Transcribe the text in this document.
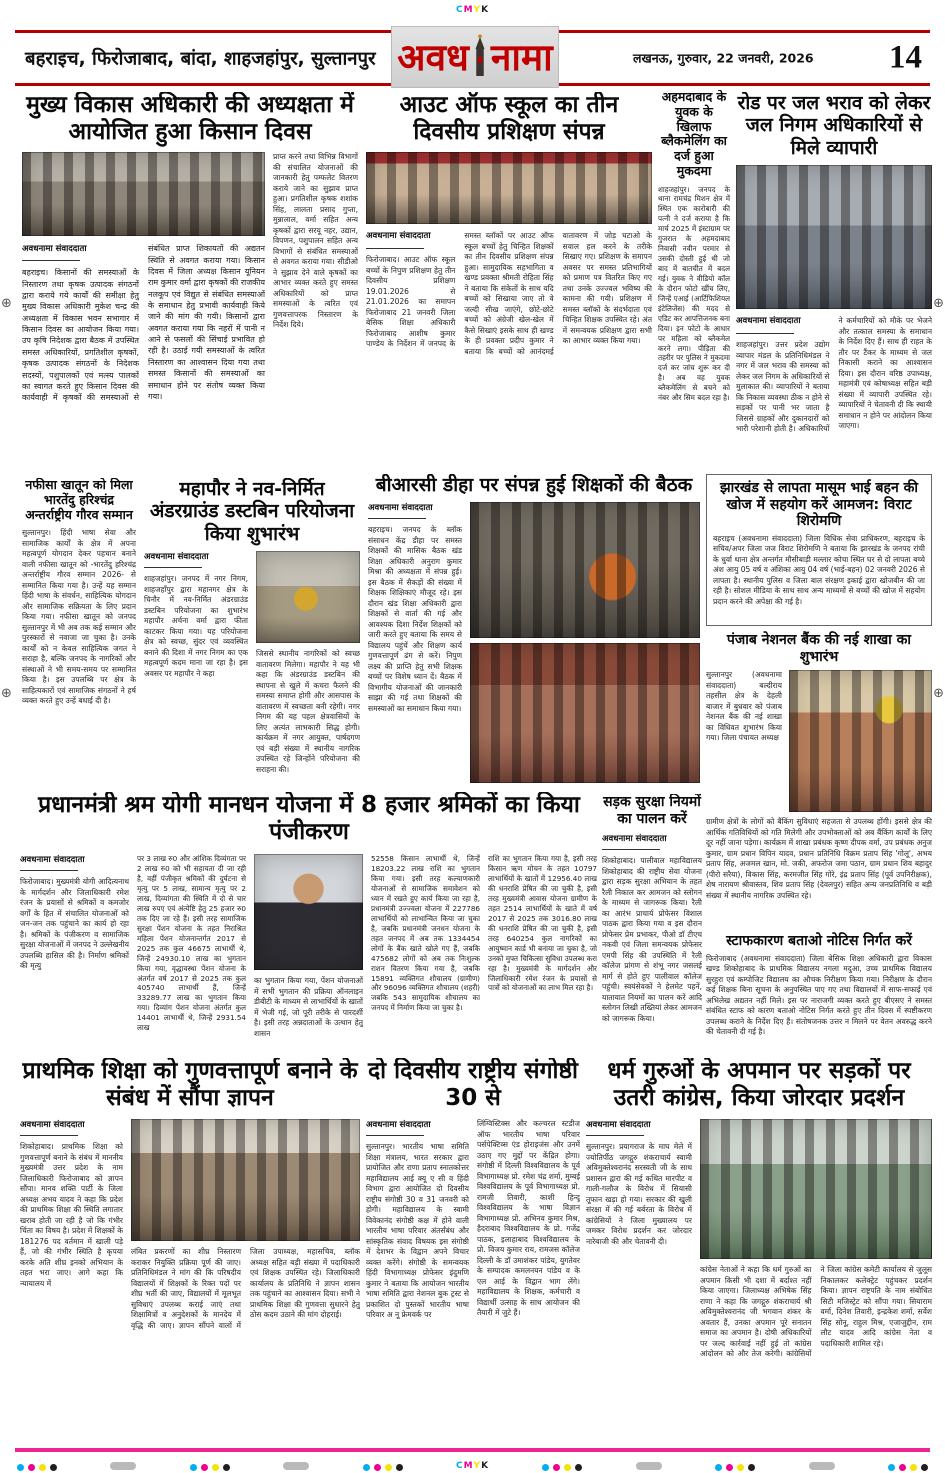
CMYK
बहराइच, फिरोजाबाद, बांदा, शाहजहांपुर, सुल्तानपुर अवध नामा	लखनऊ, गुरुवार, 22 जनवरी, 2026 14
⊕
⊕
⊕
⊕
मुख्य विकास अधिकारी की अध्यक्षता में आयोजित हुआ किसान दिवस
अवधनामा संवाददाता
बहराइच। किसानों की समस्याओं के निस्तारण तथा कृषक उत्पादक संगठनों द्वारा कराये गये कार्यों की समीक्षा हेतु मुख्य विकास अधिकारी मुकेश चन्द्र की अध्यक्षता में विकास भवन सभागार में किसान दिवस का आयोजन किया गया। उप कृषि निदेशक द्वारा बैठक में उपस्थित समस्त अधिकारियों, प्रगतिशील कृषकों, कृषक उत्पादक संगठनों के निदेशक सदस्यों, पशुपालकों एवं मत्स्य पालकों का स्वागत करते हुए किसान दिवस की कार्यवाही में कृषकों की समस्याओं से संबंधित प्राप्त शिकायतों की अद्यतन स्थिति से अवगत कराया गया। किसान दिवस में जिला अध्यक्ष किसान यूनियन राम कुमार वर्मा द्वारा कृषकों की राजकीय नलकूप एवं विद्युत से संबंधित समस्याओं के समाधान हेतु प्रभावी कार्यवाही किये जाने की मांग की गयी। किसानों द्वारा अवगत कराया गया कि नहरों में पानी न आने से फसलों की सिंचाई प्रभावित हो रही है। उठाई गयी समस्याओं के त्वरित निस्तारण का आश्वासन दिया गया तथा समस्त किसानों की समस्याओं का समाधान होने पर संतोष व्यक्त किया गया।
प्राप्त करने तथा विभिन्न विभागों की संचालित योजनाओं की जानकारी हेतु पम्फलेट वितरण कराये जाने का सुझाव प्राप्त हुआ। प्रगतिशील कृषक शशांक सिंह, लालता प्रसाद गुप्ता, मुन्नालाल, वर्मा सहित अन्य कृषकों द्वारा सरयू नहर, उद्यान, विपणन, पशुपालन सहित अन्य विभागों से संबंधित समस्याओं से अवगत कराया गया। सीडीओ ने सुझाव देने वाले कृषकों का आभार व्यक्त करते हुए समस्त अधिकारियों को प्राप्त समस्याओं के त्वरित एवं गुणवत्तापरक निस्तारण के निर्देश दिये।
आउट ऑफ स्कूल का तीन दिवसीय प्रशिक्षण संपन्न
अवधनामा संवाददाता
फिरोजाबाद। आउट ऑफ स्कूल बच्चों के निपुण प्रशिक्षण हेतु तीन दिवसीय प्रशिक्षण 19.01.2026 से 21.01.2026 का समापन फिरोजाबाद 21 जनवरी जिला बेसिक शिक्षा अधिकारी फिरोजाबाद आशीष कुमार पाण्डेय के निर्देशन में जनपद के समस्त ब्लॉकों पर आउट ऑफ स्कूल बच्चों हेतु चिन्हित शिक्षकों का तीन दिवसीय प्रशिक्षण संपन्न हुआ। सामुदायिक सहभागिता व खण्ड प्रवक्ता श्रीमती रोहिता सिंह ने बताया कि संकेतों के साथ यदि बच्चों को सिखाया जाए तो वे जल्दी सीख जाएंगे, छोटे-छोटे बच्चों को अंग्रेजी खेल-खेल में कैसे सिखाएं इसके साथ ही खण्ड के ही प्रवक्ता प्रदीप कुमार ने बताया कि बच्चों को आनंदमई वातावरण में जोड़ घटाओ के सवाल हल करने के तरीके सिखाए गए। प्रशिक्षण के समापन अवसर पर समस्त प्रतिभागियों को प्रमाण पत्र वितरित किए गए तथा उनके उज्ज्वल भविष्य की कामना की गयी। प्रशिक्षण में समस्त ब्लॉकों के संदर्भदाता एवं चिन्हित शिक्षक उपस्थित रहे। अंत में समन्वयक प्रशिक्षण द्वारा सभी का आभार व्यक्त किया गया।
अहमदाबाद के युवक के खिलाफ ब्लैकमेलिंग का दर्ज हुआ मुकदमा
शाहजहांपुर। जनपद के थाना रामचंद्र मिशन क्षेत्र में स्थित एक कारोबारी की पत्नी ने दर्ज कराया है कि मार्च 2025 में इंस्टाग्राम पर गुजरात के अहमदाबाद निवासी नवीन परमार से उसकी दोस्ती हुई थी जो बाद में बातचीत में बदल गई। युवक ने वीडियो कॉल के दौरान फोटो खींच लिए, जिन्हें एआई (आर्टिफिशियल इंटेलिजेंस) की मदद से एडिट कर आपत्तिजनक बना दिया। इन फोटो के आधार पर महिला को ब्लैकमेल करने लगा। पीड़िता की तहरीर पर पुलिस ने मुकदमा दर्ज कर जांच शुरू कर दी है। अब वह युवक ब्लैकमेलिंग से बचने को नंबर और सिम बदल रहा है।
रोड पर जल भराव को लेकर जल निगम अधिकारियों से मिले व्यापारी
अवधनामा संवाददाता
शाहजहांपुर। उत्तर प्रदेश उद्योग व्यापार मंडल के प्रतिनिधिमंडल ने नगर में जल भराव की समस्या को लेकर जल निगम के अधिकारियों से मुलाकात की। व्यापारियों ने बताया कि निकास व्यवस्था ठीक न होने से सड़कों पर पानी भर जाता है जिससे ग्राहकों और दुकानदारों को भारी परेशानी होती है। अधिकारियों ने कर्मचारियों को मौके पर भेजने और तत्काल समस्या के समाधान के निर्देश दिए हैं। साथ ही राहत के तौर पर टैंकर के माध्यम से जल निकासी कराने का आश्वासन दिया। इस दौरान वरिष्ठ उपाध्यक्ष, महामंत्री एवं कोषाध्यक्ष सहित बड़ी संख्या में व्यापारी उपस्थित रहे। व्यापारियों ने चेतावनी दी कि स्थायी समाधान न होने पर आंदोलन किया जाएगा।
नफीसा खातून को मिला भारतेंदु हरिश्चंद्र अन्तर्राष्ट्रीय गौरव सम्मान
सुल्तानपुर। हिंदी भाषा सेवा और सामाजिक कार्यों के क्षेत्र में अपना महत्वपूर्ण योगदान देकर पहचान बनाने वाली नफीसा खातून को -भारतेंदु हरिश्चंद्र अन्तर्राष्ट्रीय गौरव सम्मान 2026- से सम्मानित किया गया है। उन्हें यह सम्मान हिंदी भाषा के संवर्धन, साहित्यिक योगदान और सामाजिक सक्रियता के लिए प्रदान किया गया। नफीसा खातून को जनपद सुल्तानपुर में भी अब तक कई सम्मान और पुरस्कारों से नवाजा जा चुका है। उनके कार्यों को न केवल साहित्यिक जगत ने सराहा है, बल्कि जनपद के नागरिकों और संस्थाओं ने भी समय-समय पर सम्मानित किया है। इस उपलब्धि पर क्षेत्र के साहित्यकारों एवं सामाजिक संगठनों ने हर्ष व्यक्त करते हुए उन्हें बधाई दी है।
महापौर ने नव-निर्मित अंडरग्राउंड डस्टबिन परियोजना किया शुभारंभ
अवधनामा संवाददाता
शाहजहांपुर। जनपद में नगर निगम, शाहजहाँपुर द्वारा महानगर क्षेत्र के चिनौर में नव-निर्मित अंडरग्राउंड डस्टबिन परियोजना का शुभारंभ महापौर अर्चना वर्मा द्वारा फीता काटकर किया गया। यह परियोजना क्षेत्र को स्वच्छ, सुंदर एवं व्यवस्थित बनाने की दिशा में नगर निगम का एक महत्वपूर्ण कदम माना जा रहा है। इस अवसर पर महापौर ने कहा
जिससे स्थानीय नागरिकों को स्वच्छ वातावरण मिलेगा। महापौर ने यह भी कहा कि अंडरग्राउंड डस्टबिन की स्थापना से खुले में कचरा फैलने की समस्या समाप्त होगी और आसपास के वातावरण में स्वच्छता बनी रहेगी। नगर निगम की यह पहल क्षेत्रवासियों के लिए अत्यंत लाभकारी सिद्ध होगी। कार्यक्रम में नगर आयुक्त, पार्षदगण एवं बड़ी संख्या में स्थानीय नागरिक उपस्थित रहे जिन्होंने परियोजना की सराहना की।
बीआरसी डीहा पर संपन्न हुई शिक्षकों की बैठक
अवधनामा संवाददाता
बहराइच। जनपद के ब्लॉक संसाधन केंद्र डीहा पर समस्त शिक्षकों की मासिक बैठक खंड शिक्षा अधिकारी अनुराग कुमार मिश्रा की अध्यक्षता में संपन्न हुई। इस बैठक में सैकड़ों की संख्या में शिक्षक शिक्षिकाएं मौजूद रहे। इस दौरान खंड शिक्षा अधिकारी द्वारा शिक्षकों से वार्ता की गई और आवश्यक दिशा निर्देश शिक्षकों को जारी करते हुए बताया कि समय से विद्यालय पहुंचें और शिक्षण कार्य गुणवत्तापूर्ण ढंग से करें। निपुण लक्ष्य की प्राप्ति हेतु सभी शिक्षक बच्चों पर विशेष ध्यान दें। बैठक में विभागीय योजनाओं की जानकारी साझा की गई तथा शिक्षकों की समस्याओं का समाधान किया गया।
झारखंड से लापता मासूम भाई बहन की खोज में सहयोग करें आमजन: विराट शिरोमणि
बहराइच (अवधनामा संवाददाता) जिला विधिक सेवा प्राधिकरण, बहराइच के सचिव/अपर जिला जज विराट शिरोमणि ने बताया कि झारखंड के जनपद रांची के धुर्वा थाना क्षेत्र अन्तर्गत मौसीबाड़ी मल्लार कोचा स्थित घर से दो लापता बच्चे अंश आयु 05 वर्ष व अंशिका आयु 04 वर्ष (भाई-बहन) 02 जनवरी 2026 से लापता है। स्थानीय पुलिस व जिला बाल संरक्षण इकाई द्वारा खोजबीन की जा रही है। सोशल मीडिया के साथ साथ अन्य माध्यमों से बच्चों की खोज में सहयोग प्रदान करने की अपेक्षा की गई है।
पंजाब नेशनल बैंक की नई शाखा का शुभारंभ
सुल्तानपुर (अवधनामा संवाददाता) बल्दीराय तहसील क्षेत्र के देहली बाजार में बुधवार को पंजाब नेशनल बैंक की नई शाखा का विधिवत शुभारंभ किया गया। जिला पंचायत अध्यक्ष
ग्रामीण क्षेत्रों के लोगों को बैंकिंग सुविधाएं सहजता से उपलब्ध होंगी। इससे क्षेत्र की आर्थिक गतिविधियों को गति मिलेगी और उपभोक्ताओं को अब बैंकिंग कार्यों के लिए दूर नहीं जाना पड़ेगा। कार्यक्रम में शाखा प्रबंधक कृष्ण दीपक वर्मा, उप प्रबंधक अनुज कुमार, ग्राम प्रधान विपिन यादव, प्रधान प्रतिनिधि विक्रम प्रताप सिंह 'गोलू', अभय प्रताप सिंह, अजमल खान, मो. जकी, अफरोज जमा पठान, ग्राम प्रधान शिव बहादुर (पीरो सरैया), विकास सिंह, करमजीत सिंह गोरे, इंद्र प्रताप सिंह (पूर्व उपनिरीक्षक), शेष नारायण श्रीवास्तव, शिव प्रताप सिंह (देवलपुर) सहित अन्य जनप्रतिनिधि व बड़ी संख्या में स्थानीय नागरिक उपस्थित रहे।
स्टाफकारण बताओ नोटिस निर्गत करें
फिरोजाबाद (अवधनामा संवाददाता) जिला बेसिक शिक्षा अधिकारी द्वारा विकास खण्ड शिकोहाबाद के प्राथमिक विद्यालय नगला मदुआ, उच्च प्राथमिक विद्यालय सुरहुरा एवं कम्पोजिट विद्यालय का औचक निरीक्षण किया गया। निरीक्षण के दौरान कई शिक्षक बिना सूचना के अनुपस्थित पाए गए तथा विद्यालयों में साफ-सफाई एवं अभिलेख अद्यतन नहीं मिले। इस पर नाराजगी व्यक्त करते हुए बीएसए ने समस्त संबंधित स्टाफ को कारण बताओ नोटिस निर्गत करते हुए तीन दिवस में स्पष्टीकरण उपलब्ध कराने के निर्देश दिए हैं। संतोषजनक उत्तर न मिलने पर वेतन अवरुद्ध करने की चेतावनी दी गई है।
प्रधानमंत्री श्रम योगी मानधन योजना में 8 हजार श्रमिकों का किया पंजीकरण
अवधनामा संवाददाता
फिरोजाबाद। मुख्यमंत्री योगी आदित्यनाथ के मार्गदर्शन और जिलाधिकारी रमेश रंजन के प्रयासों से श्रमिकों व कमजोर वर्गों के हित में संचालित योजनाओं को जन-जन तक पहुंचाने का कार्य हो रहा है। श्रमिकों के पंजीकरण व सामाजिक सुरक्षा योजनाओं में जनपद ने उल्लेखनीय उपलब्धि हासिल की है। निर्माण श्रमिकों की मृत्यु
पर 3 लाख रु0 और आंशिक दिव्यंगता पर 2 लाख रु0 को भी सहायता दी जा रही है, वहीं पंजीकृत श्रमिकों की दुर्घटना से मृत्यु पर 5 लाख, सामान्य मृत्यु पर 2 लाख, दिव्यांगता की स्थिति में दो से चार लाख रुपए एवं अंत्येष्टि हेतु 25 हजार रु0 तक दिए जा रहे हैं। इसी तरह सामाजिक सुरक्षा पेंशन योजना के तहत निराश्रित महिला पेंशन योजनान्तर्गत 2017 से 2025 तक कुल 46675 लाभार्थी थे, जिन्हें 24930.10 लाख का भुगतान किया गया, वृद्धावस्था पेंशन योजना के अंतर्गत वर्ष 2017 से 2025 तक कुल 405740 लाभार्थी हैं, जिन्हें 33289.77 लाख का भुगतान किया गया। दिव्यांग पेंशन योजना अंतर्गत कुल 14401 लाभार्थी थे, जिन्हें 2931.54 लाख
का भुगतान किया गया, पेंशन योजनाओं में सभी भुगतान की प्रक्रिया ऑनलाइन डीबीटी के माध्यम से लाभार्थियों के खातों में भेजी गई, जो पूरी तरीके से पारदर्शी है। इसी तरह अन्नदाताओं के उत्थान हेतु शासन
52558 किसान लाभार्थी थे, जिन्हें 18203.22 लाख राशि का भुगतान किया गया। इसी तरह कल्याणकारी योजनाओं से सामाजिक समावेशन को ध्यान में रखते हुए कार्य किया जा रहा है, प्रधानमंत्री उज्ज्वला योजना में 227786 लाभार्थियों को लाभान्वित किया जा चुका है, जबकि प्रधानमंत्री जनधन योजना के तहत जनपद में अब तक 1334454 लोगों के बैंक खाते खोले गए हैं, जबकि 475682 लोगों को अब तक निःशुल्क राशन वितरण किया गया है, जबकि 15891 व्यक्तिगत शौचालय (ग्रामीण) और 96096 व्यक्तिगत शौचालय (शहरी) जबकि 543 सामुदायिक शौचालय का जनपद में निर्माण किया जा चुका है।
राशि का भुगतान किया गया है, इसी तरह किसान ऋण मोचन के तहत 10797 लाभार्थियों के खातों में 12956.40 लाख की धनराशि प्रेषित की जा चुकी है, इसी तरह मुख्यमंत्री आवास योजना ग्रामीण के तहत 2514 लाभार्थियों के खाते में वर्ष 2017 से 2025 तक 3016.80 लाख की धनराशि प्रेषित की जा चुकी है, इसी तरह 640254 कुल नागरिकों का आयुष्मान कार्ड भी बनाया जा चुका है, जो उनको मुफ्त चिकित्सा सुविधा उपलब्ध करा रहा है। मुख्यमंत्री के मार्गदर्शन और जिलाधिकारी रमेश रंजन के प्रयासों से पात्रों को योजनाओं का लाभ मिल रहा है।
सड़क सुरक्षा नियमों का पालन करें
अवधनामा संवाददाता
शिकोहाबाद। पालीवाल महाविद्यालय शिकोहाबाद की राष्ट्रीय सेवा योजना द्वारा सड़क सुरक्षा अभियान के तहत रैली निकाल कर आमजन को स्लोगन के माध्यम से जागरूक किया। रैली का आरंभ प्राचार्य प्रोफेसर विशाल पाठक द्वारा किया गया व इस दौरान प्रोफेसर प्रेम प्रभाकर, पीओ डॉ टीएच नकवी एवं जिला समन्वयक प्रोफेसर एमपी सिंह की उपस्थिति में रैली कॉलेज प्रांगण से शंभू नगर जसलई मार्ग से होते हुए पालीवाल कॉलेज पहुंची। स्वयंसेवकों ने हेलमेट पहनें, यातायात नियमों का पालन करें आदि स्लोगन लिखी तख्तियां लेकर आमजन को जागरूक किया।
प्राथमिक शिक्षा को गुणवत्तापूर्ण बनाने के संबंध में सौंपा ज्ञापन
अवधनामा संवाददाता
शिकोहाबाद। प्राथमिक शिक्षा को गुणवत्तापूर्ण बनाने के संबंध में माननीय मुख्यमंत्री उत्तर प्रदेश के नाम जिलाधिकारी फिरोजाबाद को ज्ञापन सौंपा। मानव शक्ति पार्टी के जिला अध्यक्ष अभय यादव ने कहा कि प्रदेश की प्राथमिक शिक्षा की स्थिति लगातार खराब होती जा रही है जो कि गंभीर चिंता का विषय है। प्रदेश में शिक्षकों के 181276 पद वर्तमान में खाली पड़े हैं, जो की गंभीर स्थिति है कृपया करके अति शीघ्र इनको अभियान के तहत भरा जाए। आगे कहा कि न्यायालय में
लंबित प्रकरणों का शीघ्र निस्तारण कराकर नियुक्ति प्रक्रिया पूर्ण की जाए। प्रतिनिधिमंडल ने मांग की कि परिषदीय विद्यालयों में शिक्षकों के रिक्त पदों पर शीघ्र भर्ती की जाए, विद्यालयों में मूलभूत सुविधाएं उपलब्ध कराई जाएं तथा शिक्षामित्रों व अनुदेशकों के मानदेय में वृद्धि की जाए। ज्ञापन सौंपने वालों में जिला उपाध्यक्ष, महासचिव, ब्लॉक अध्यक्ष सहित बड़ी संख्या में पदाधिकारी एवं शिक्षक उपस्थित रहे। जिलाधिकारी कार्यालय के प्रतिनिधि ने ज्ञापन शासन तक पहुंचाने का आश्वासन दिया। सभी ने प्राथमिक शिक्षा की गुणवत्ता सुधारने हेतु ठोस कदम उठाने की मांग दोहराई।
दो दिवसीय राष्ट्रीय संगोष्ठी 30 से
अवधनामा संवाददाता
सुल्तानपुर। भारतीय भाषा समिति शिक्षा मंत्रालय, भारत सरकार द्वारा प्रायोजित और राणा प्रताप स्नातकोत्तर महाविद्यालय आई क्यू ए सी व हिंदी विभाग द्वारा आयोजित दो दिवसीय राष्ट्रीय संगोष्ठी 30 व 31 जनवरी को होगी। महाविद्यालय के स्वामी विवेकानंद संगोष्ठी कक्ष में होने वाली भारतीय भाषा परिवार अंतर्संबंध और सांस्कृतिक संवाद विषयक इस संगोष्ठी में देशभर के विद्वान अपने विचार व्यक्त करेंगे। संगोष्ठी के समन्वयक हिंदी विभागाध्यक्ष प्रोफेसर इंदुमणि कुमार ने बताया कि आयोजन भारतीय भाषा समिति द्वारा नेशनल बुक ट्रस्ट से प्रकाशित दो पुस्तकों भारतीय भाषा परिवार अ नू फ्रेमवर्क पर
लिंग्विस्टिक्स और कल्चरल स्टडीज ऑफ भारतीय भाषा परिवार पर्सपेक्टिव्स एंड होराइजंस और उनमें उठाए गए मुद्दों पर केंद्रित होगा। संगोष्ठी में दिल्ली विश्वविद्यालय के पूर्व विभागाध्यक्ष प्रो. रमेश चंद्र शर्मा, मुम्बई विश्वविद्यालय के पूर्व विभागाध्यक्ष प्रो. रामजी तिवारी, काशी हिन्दू विश्वविद्यालय के भाषा विज्ञान विभागाध्यक्ष प्रो. अभिनव कुमार मिश्र, हैदराबाद विश्वविद्यालय के प्रो. गजेंद्र पाठक, इलाहाबाद विश्वविद्यालय के प्रो. विजय कुमार राय, रामजस कॉलेज दिल्ली के डॉ उमाशंकर पांडेय, युगतेवर के सम्पादक कमलनयन पांडेय व के एल आई के विद्वान भाग लेंगे। महाविद्यालय के शिक्षक, कर्मचारी व विद्यार्थी उत्साह के साथ आयोजन की तैयारी में जुटे हैं।
धर्म गुरुओं के अपमान पर सड़कों पर उतरी कांग्रेस, किया जोरदार प्रदर्शन
अवधनामा संवाददाता
सुल्तानपुर। प्रयागराज के माघ मेले में ज्योतिर्पीठ जगद्गुरु शंकराचार्य स्वामी अविमुक्तेश्वरानंद सरस्वती जी के साथ प्रशासन द्वारा की गई कथित मारपीट व गाली-गलौज के विरोध में सियासी तूफान खड़ा हो गया। सरकार की खुली संरक्षा में की गई बर्बरता के विरोध में कांग्रेसियों ने जिला मुख्यालय पर जमकर विरोध प्रदर्शन कर जोरदार नारेबाजी की और चेतावनी दी।
कांग्रेस नेताओं ने कहा कि धर्म गुरुओं का अपमान किसी भी दशा में बर्दाश्त नहीं किया जाएगा। जिलाध्यक्ष अभिषेक सिंह राणा ने कहा कि जगद्गुरु शंकराचार्य श्री अविमुक्तेश्वरानंद जी भगवान शंकर के अवतार हैं, उनका अपमान पूरे सनातन समाज का अपमान है। दोषी अधिकारियों पर जल्द कार्रवाई नहीं हुई तो कांग्रेस आंदोलन को और तेज करेगी। कांग्रेसियों ने जिला कांग्रेस कमेटी कार्यालय से जुलूस निकालकर कलेक्ट्रेट पहुंचकर प्रदर्शन किया। ज्ञापन राष्ट्रपति के नाम संबोधित सिटी मजिस्ट्रेट को सौंपा गया। सियाराम वर्मा, दिनेश तिवारी, इन्द्रकेश शर्मा, सर्वेश सिंह सोनू, राहुल मिश्र, एजाजुद्दीन, राम लौट यादव आदि कांग्रेस नेता व पदाधिकारी शामिल रहे।
CMYK
